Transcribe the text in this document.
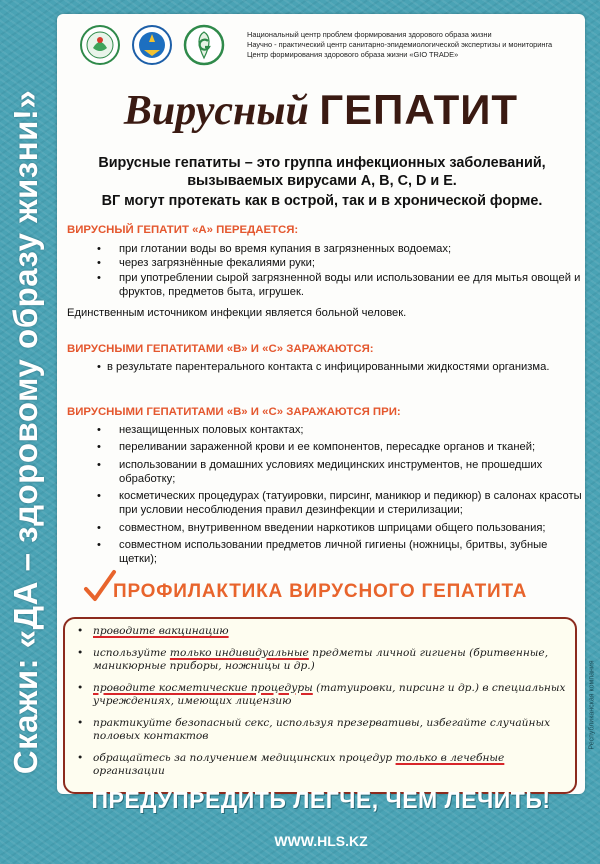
Скажи: «ДА – здоровому образу жизни!»	Республиканская компания
Национальный центр проблем формирования здорового образа жизни
Научно - практический центр санитарно-эпидемиологической экспертизы и мониторинга
Центр формирования здорового образа жизни «GIO TRADE»
Вирусный ГЕПАТИТ
Вирусные гепатиты – это группа инфекционных заболеваний,
вызываемых вирусами А, В, С, D и Е.
ВГ могут протекать как в острой, так и в хронической форме.
ВИРУСНЫЙ ГЕПАТИТ «А» ПЕРЕДАЕТСЯ:
• при глотании воды во время купания в загрязненных водоемах;
• через загрязнённые фекалиями руки;
• при употреблении сырой загрязненной воды или использовании ее для мытья овощей и фруктов, предметов быта, игрушек.
Единственным источником инфекции является больной человек.
ВИРУСНЫМИ ГЕПАТИТАМИ «В» И «С» ЗАРАЖАЮТСЯ:
• в результате парентерального контакта с инфицированными жидкостями организма.
ВИРУСНЫМИ ГЕПАТИТАМИ «В» И «С» ЗАРАЖАЮТСЯ ПРИ:
• незащищенных половых контактах;
• переливании зараженной крови и ее компонентов, пересадке органов и тканей;
• использовании в домашних условиях медицинских инструментов, не прошедших обработку;
• косметических процедурах (татуировки, пирсинг, маникюр и педикюр) в салонах красоты при условии несоблюдения правил дезинфекции и стерилизации;
• совместном, внутривенном введении наркотиков шприцами общего пользования;
• совместном использовании предметов личной гигиены (ножницы, бритвы, зубные щетки);
ПРОФИЛАКТИКА ВИРУСНОГО ГЕПАТИТА
• проводите вакцинацию
• используйте только индивидуальные предметы личной гигиены (бритвенные, маникюрные приборы, ножницы и др.)
• проводите косметические процедуры (татуировки, пирсинг и др.) в специальных учреждениях, имеющих лицензию
• практикуйте безопасный секс, используя презервативы, избегайте случайных половых контактов
• обращайтесь за получением медицинских процедур только в лечебные организации
ПРЕДУПРЕДИТЬ ЛЕГЧЕ, ЧЕМ ЛЕЧИТЬ!
WWW.HLS.KZ
